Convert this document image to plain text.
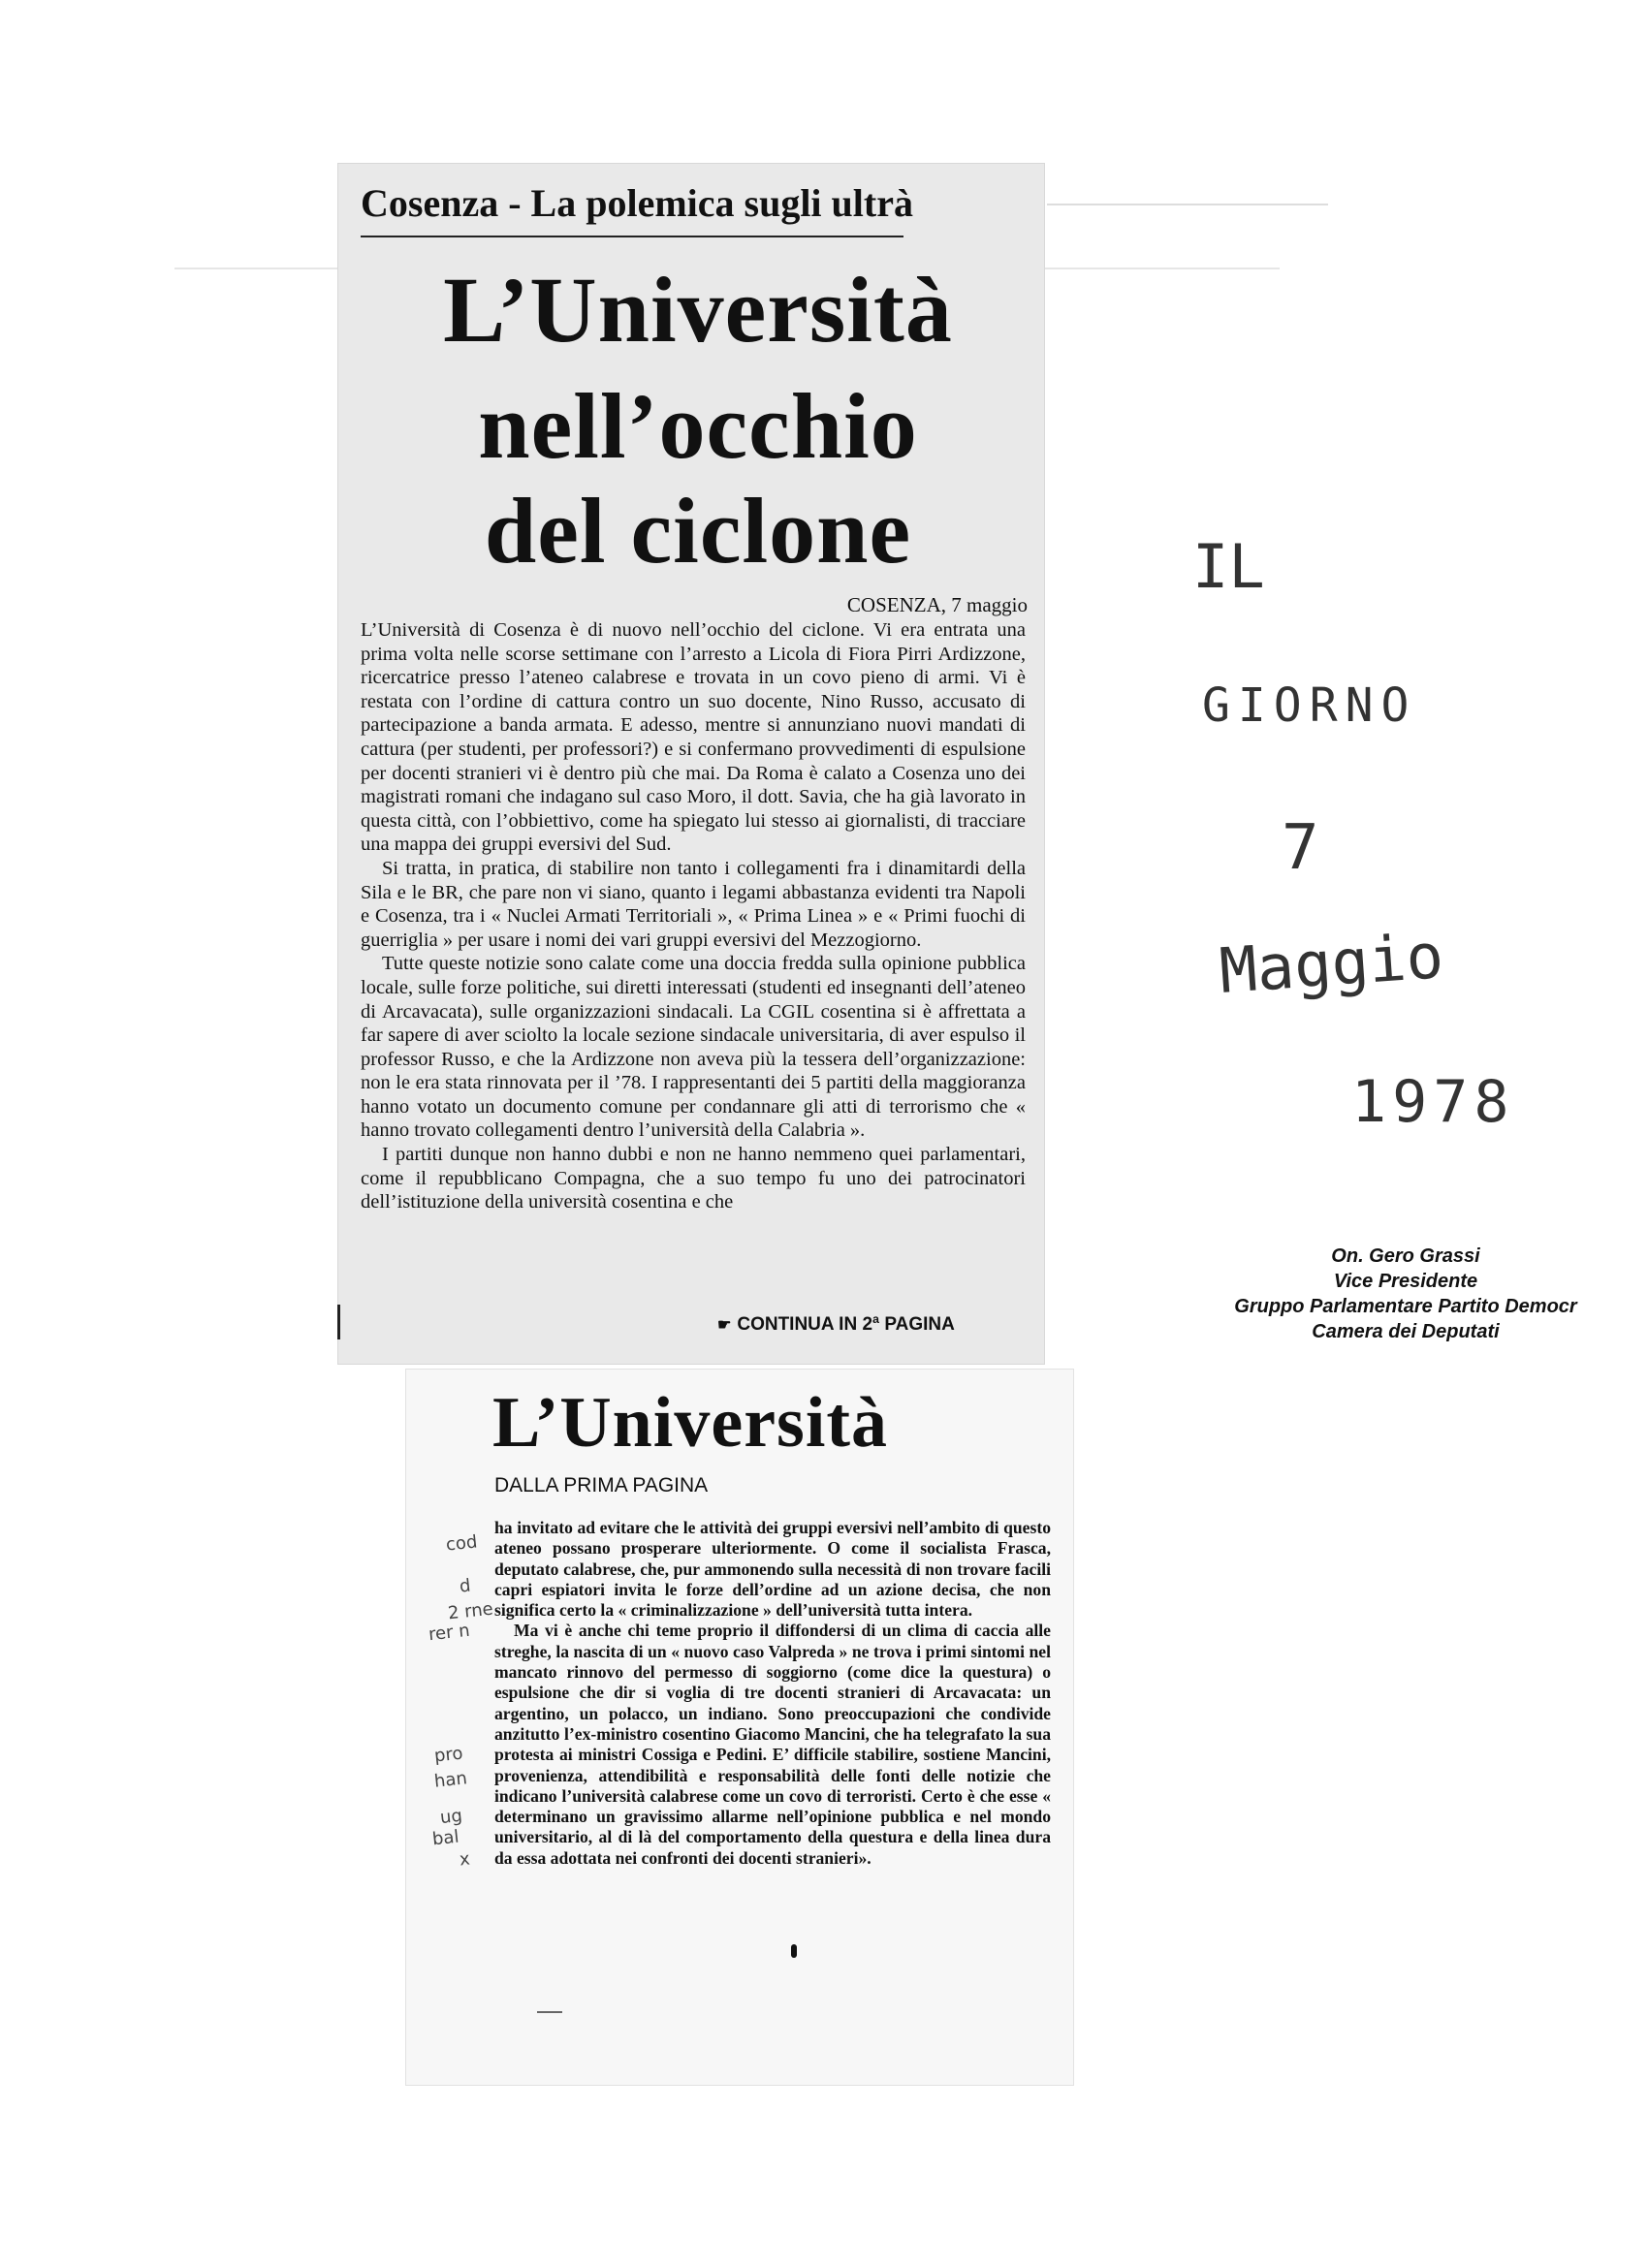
Cosenza - La polemica sugli ultrà
L’Università
nell’occhio
del ciclone
COSENZA, 7 maggio

L’Università di Cosenza è di nuovo nell’occhio del ciclone. Vi era entrata una prima volta nelle scorse settimane con l’arresto a Licola di Fiora Pirri Ardizzone, ricercatrice presso l’ateneo calabrese e trovata in un covo pieno di armi. Vi è restata con l’ordine di cattura contro un suo docente, Nino Russo, accusato di partecipazione a banda armata. E adesso, mentre si annunziano nuovi mandati di cattura (per studenti, per professori?) e si confermano provvedimenti di espulsione per docenti stranieri vi è dentro più che mai. Da Roma è calato a Cosenza uno dei magistrati romani che indagano sul caso Moro, il dott. Savia, che ha già lavorato in questa città, con l’obbiettivo, come ha spiegato lui stesso ai giornalisti, di tracciare una mappa dei gruppi eversivi del Sud.

Si tratta, in pratica, di stabilire non tanto i collegamenti fra i dinamitardi della Sila e le BR, che pare non vi siano, quanto i legami abbastanza evidenti tra Napoli e Cosenza, tra i « Nuclei Armati Territoriali », « Prima Linea » e « Primi fuochi di guerriglia » per usare i nomi dei vari gruppi eversivi del Mezzogiorno.

Tutte queste notizie sono calate come una doccia fredda sulla opinione pubblica locale, sulle forze politiche, sui diretti interessati (studenti ed insegnanti dell’ateneo di Arcavacata), sulle organizzazioni sindacali. La CGIL cosentina si è affrettata a far sapere di aver sciolto la locale sezione sindacale universitaria, di aver espulso il professor Russo, e che la Ardizzone non aveva più la tessera dell’organizzazione: non le era stata rinnovata per il ’78. I rappresentanti dei 5 partiti della maggioranza hanno votato un documento comune per condannare gli atti di terrorismo che « hanno trovato collegamenti dentro l’università della Calabria ».

I partiti dunque non hanno dubbi e non ne hanno nemmeno quei parlamentari, come il repubblicano Compagna, che a suo tempo fu uno dei patrocinatori dell’istituzione della università cosentina e che

☛ CONTINUA IN 2ª PAGINA
L’Università
DALLA PRIMA PAGINA

ha invitato ad evitare che le attività dei gruppi eversivi nell’ambito di questo ateneo possano prosperare ulteriormente. O come il socialista Frasca, deputato calabrese, che, pur ammonendo sulla necessità di non trovare facili capri espiatori invita le forze dell’ordine ad un azione decisa, che non significa certo la « criminalizzazione » dell’università tutta intera.

Ma vi è anche chi teme proprio il diffondersi di un clima di caccia alle streghe, la nascita di un « nuovo caso Valpreda » ne trova i primi sintomi nel mancato rinnovo del permesso di soggiorno (come dice la questura) o espulsione che dir si voglia di tre docenti stranieri di Arcavacata: un argentino, un polacco, un indiano. Sono preoccupazioni che condivide anzitutto l’ex-ministro cosentino Giacomo Mancini, che ha telegrafato la sua protesta ai ministri Cossiga e Pedini. E’ difficile stabilire, sostiene Mancini, provenienza, attendibilità e responsabilità delle fonti delle notizie che indicano l’università calabrese come un covo di terroristi. Certo è che esse « determinano un gravissimo allarme nell’opinione pubblica e nel mondo universitario, al di là del comportamento della questura e della linea dura da essa adottata nei confronti dei docenti stranieri».

cod
d
2 rne
rer n
pro
han
ug
bal
x
IL
GIORNO
7
Maggio
1978
On. Gero Grassi
Vice Presidente
Gruppo Parlamentare Partito Democr
Camera dei Deputati
